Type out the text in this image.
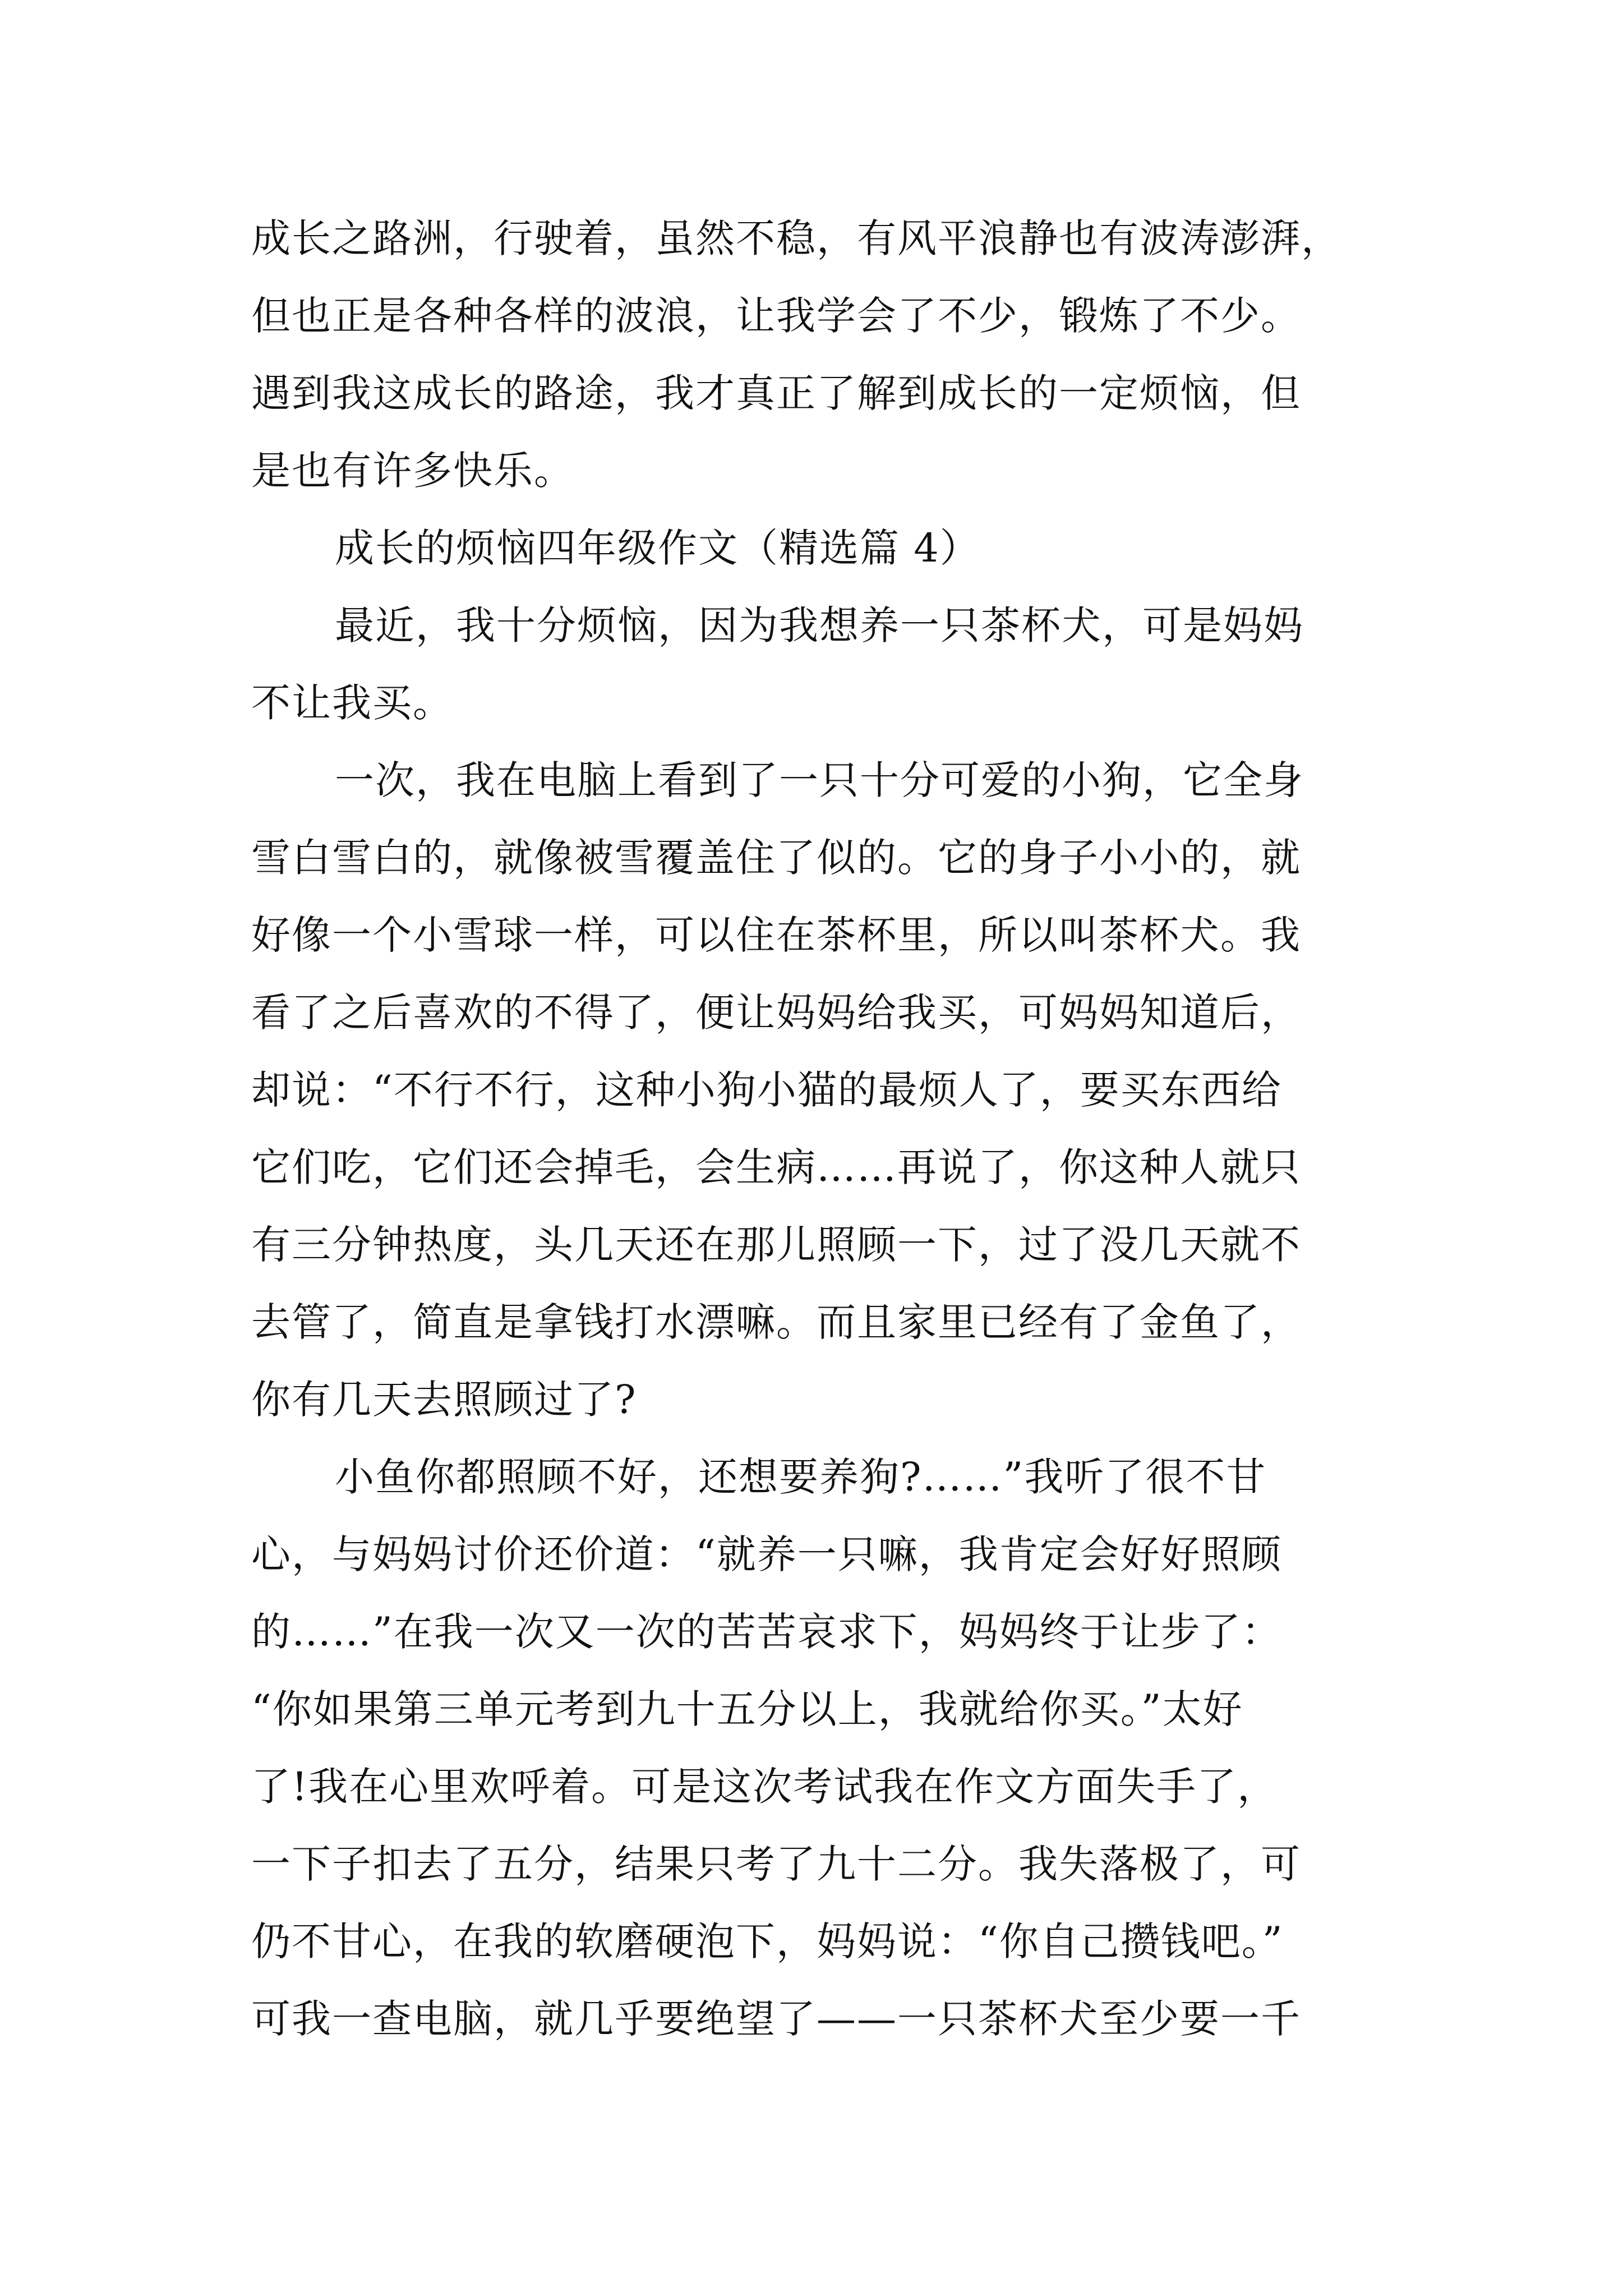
成长之路洲，行驶着，虽然不稳，有风平浪静也有波涛澎湃，
但也正是各种各样的波浪，让我学会了不少，锻炼了不少。
遇到我这成长的路途，我才真正了解到成长的一定烦恼，但
是也有许多快乐。
成长的烦恼四年级作文（精选篇 4）
最近，我十分烦恼，因为我想养一只茶杯犬，可是妈妈
不让我买。
一次，我在电脑上看到了一只十分可爱的小狗，它全身
雪白雪白的，就像被雪覆盖住了似的。它的身子小小的，就
好像一个小雪球一样，可以住在茶杯里，所以叫茶杯犬。我
看了之后喜欢的不得了，便让妈妈给我买，可妈妈知道后，
却说：“不行不行，这种小狗小猫的最烦人了，要买东西给
它们吃，它们还会掉毛，会生病……再说了，你这种人就只
有三分钟热度，头几天还在那儿照顾一下，过了没几天就不
去管了，简直是拿钱打水漂嘛。而且家里已经有了金鱼了，
你有几天去照顾过了?
小鱼你都照顾不好，还想要养狗?……”我听了很不甘
心，与妈妈讨价还价道：“就养一只嘛，我肯定会好好照顾
的……”在我一次又一次的苦苦哀求下，妈妈终于让步了：
“你如果第三单元考到九十五分以上，我就给你买。”太好
了!我在心里欢呼着。可是这次考试我在作文方面失手了，
一下子扣去了五分，结果只考了九十二分。我失落极了，可
仍不甘心，在我的软磨硬泡下，妈妈说：“你自己攒钱吧。”
可我一查电脑，就几乎要绝望了——一只茶杯犬至少要一千
